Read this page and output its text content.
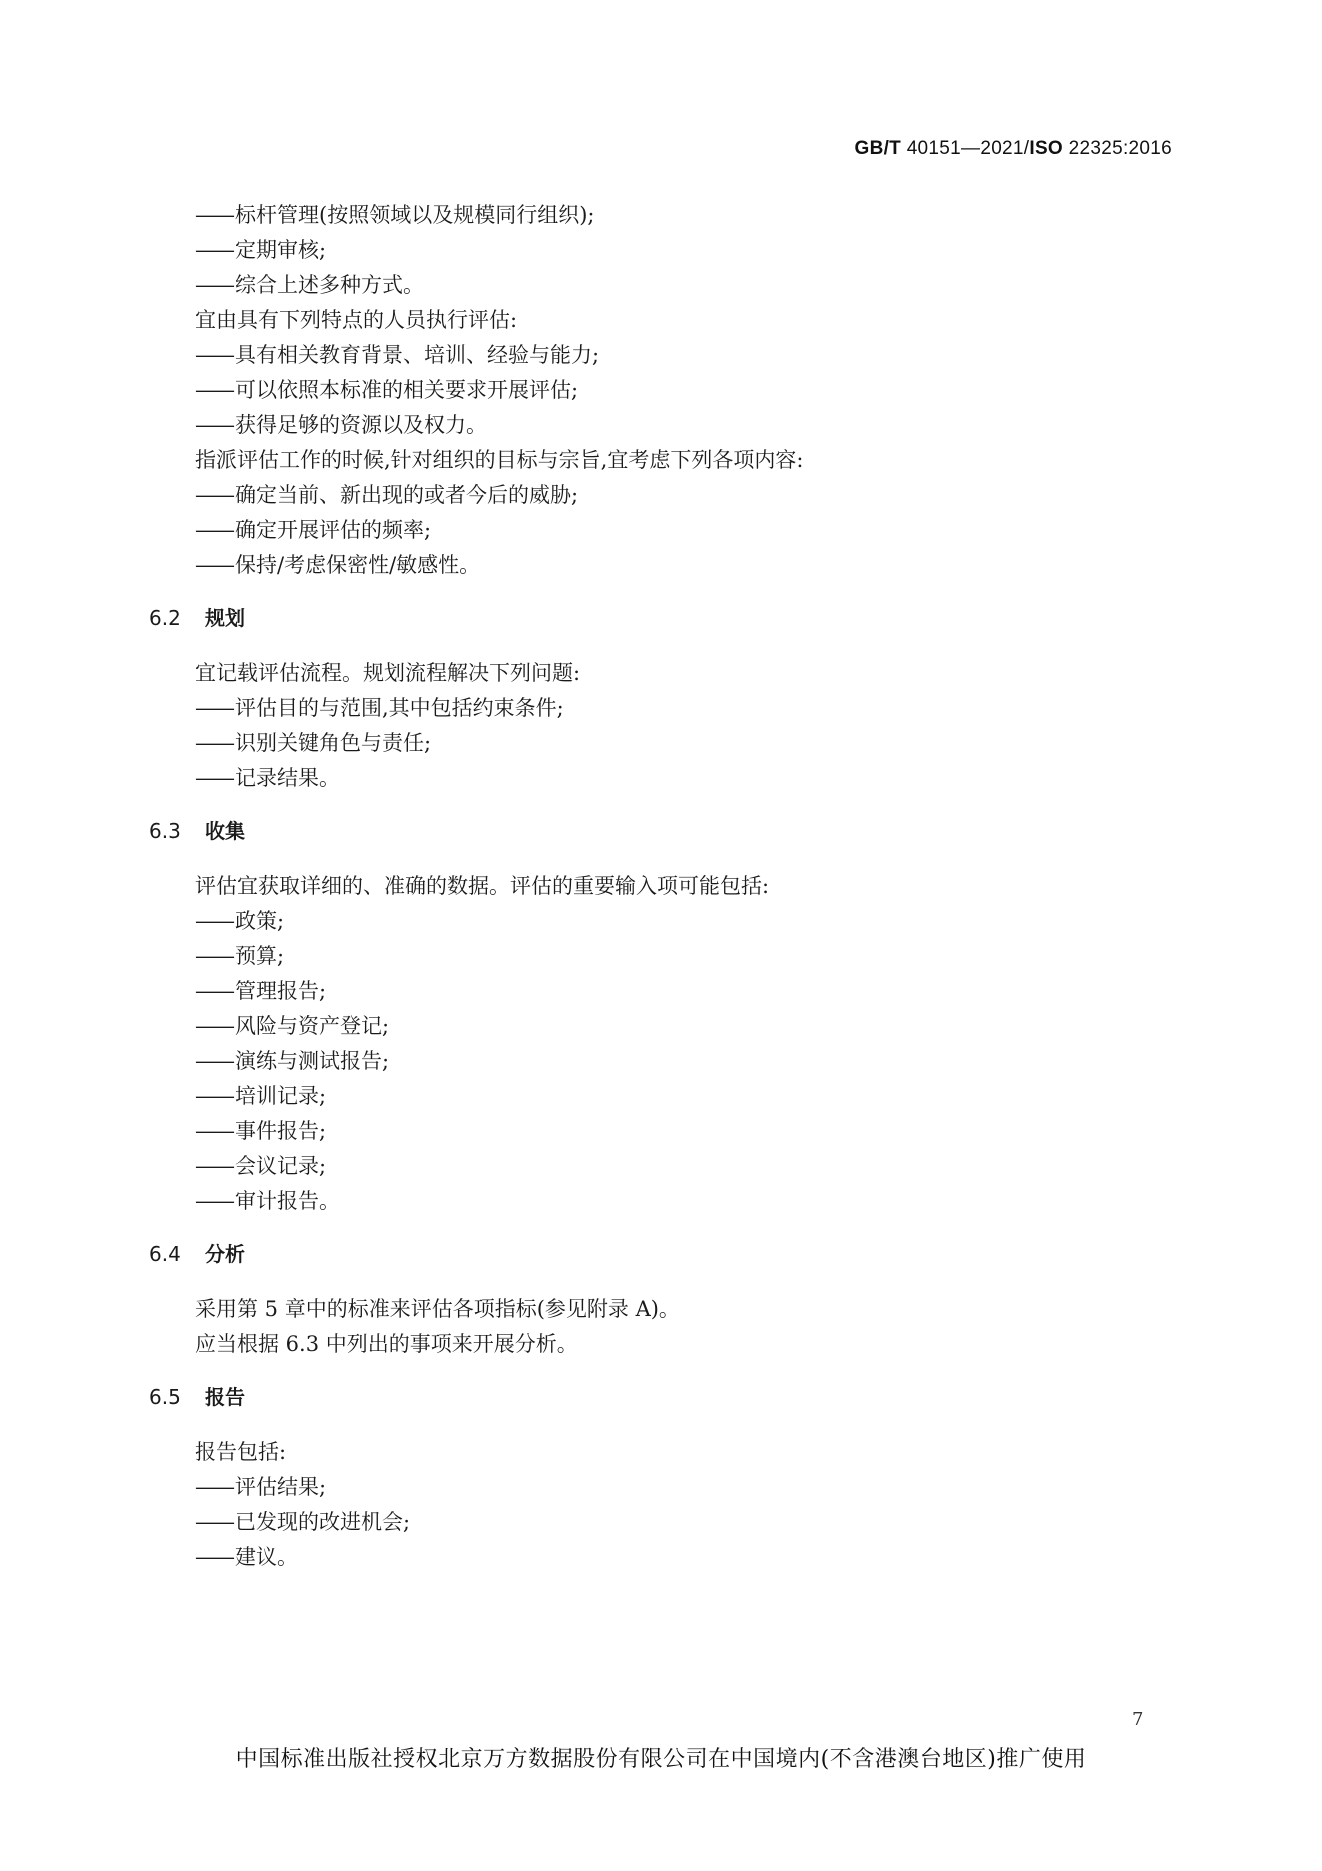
GB/T 40151—2021/ISO 22325:2016
—— 标杆管理(按照领域以及规模同行组织);
—— 定期审核;
—— 综合上述多种方式。
宜由具有下列特点的人员执行评估:
—— 具有相关教育背景、培训、经验与能力;
—— 可以依照本标准的相关要求开展评估;
—— 获得足够的资源以及权力。
指派评估工作的时候,针对组织的目标与宗旨,宜考虑下列各项内容:
—— 确定当前、新出现的或者今后的威胁;
—— 确定开展评估的频率;
—— 保持/考虑保密性/敏感性。
6.2 规划
宜记载评估流程。规划流程解决下列问题:
—— 评估目的与范围,其中包括约束条件;
—— 识别关键角色与责任;
—— 记录结果。
6.3 收集
评估宜获取详细的、准确的数据。评估的重要输入项可能包括:
—— 政策;
—— 预算;
—— 管理报告;
—— 风险与资产登记;
—— 演练与测试报告;
—— 培训记录;
—— 事件报告;
—— 会议记录;
—— 审计报告。
6.4 分析
采用第 5 章中的标准来评估各项指标(参见附录 A)。
应当根据 6.3 中列出的事项来开展分析。
6.5 报告
报告包括:
—— 评估结果;
—— 已发现的改进机会;
—— 建议。
7
中国标准出版社授权北京万方数据股份有限公司在中国境内(不含港澳台地区)推广使用
